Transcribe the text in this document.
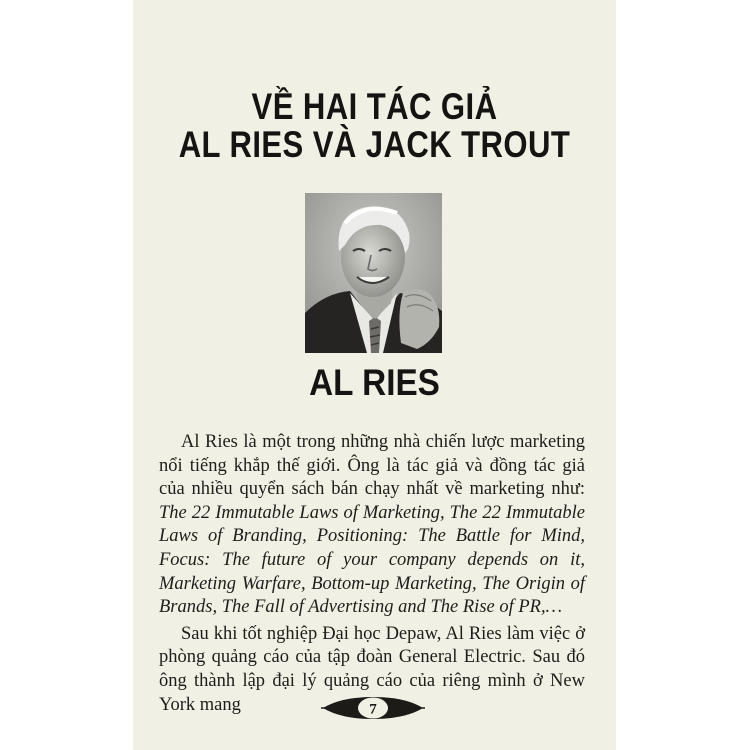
VỀ HAI TÁC GIẢ
AL RIES VÀ JACK TROUT
AL RIES

Al Ries là một trong những nhà chiến lược marketing nổi tiếng khắp thế giới. Ông là tác giả và đồng tác giả của nhiều quyển sách bán chạy nhất về marketing như: The 22 Immutable Laws of Marketing, The 22 Immutable Laws of Branding, Positioning: The Battle for Mind, Focus: The future of your company depends on it, Marketing Warfare, Bottom-up Marketing, The Origin of Brands, The Fall of Advertising and The Rise of PR,…

Sau khi tốt nghiệp Đại học Depaw, Al Ries làm việc ở phòng quảng cáo của tập đoàn General Electric. Sau đó ông thành lập đại lý quảng cáo của riêng mình ở New York mang	7
